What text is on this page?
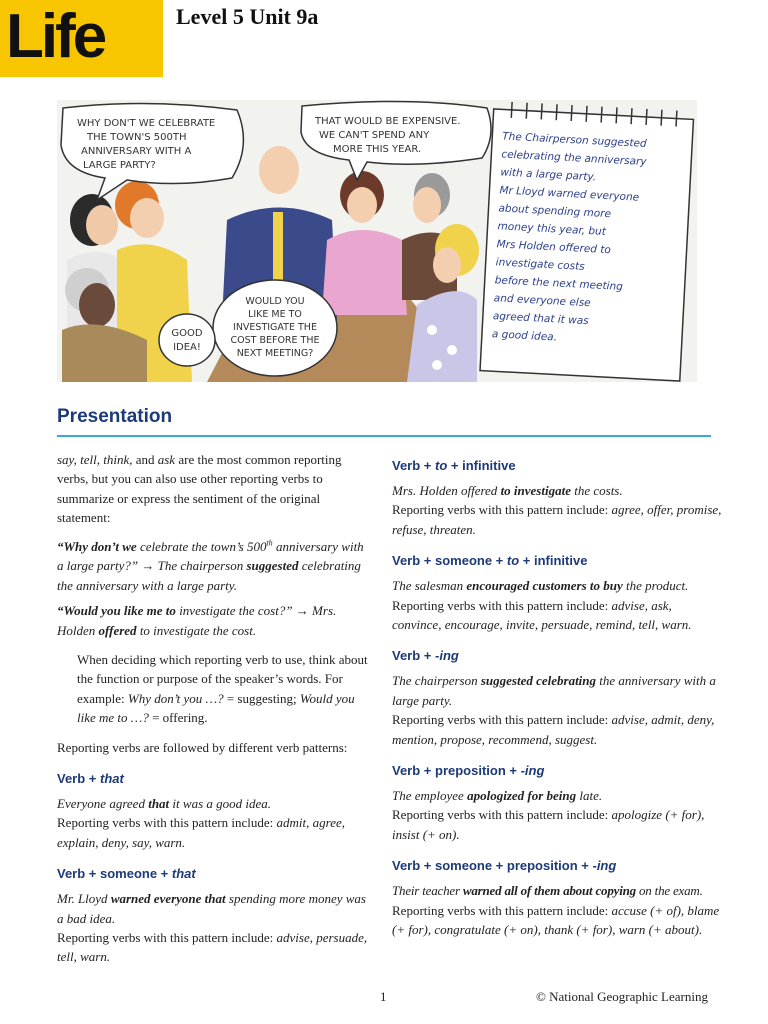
Life	Level 5 Unit 9a
WHY DON'T WE CELEBRATE
THE TOWN'S 500TH
ANNIVERSARY WITH A
LARGE PARTY?
THAT WOULD BE EXPENSIVE.
WE CAN'T SPEND ANY
MORE THIS YEAR.
WOULD YOU
LIKE ME TO
INVESTIGATE THE
COST BEFORE THE
NEXT MEETING?
GOOD
IDEA!
The Chairperson suggested
celebrating the anniversary
with a large party.
Mr Lloyd warned everyone
about spending more
money this year, but
Mrs Holden offered to
investigate costs
before the next meeting
and everyone else
agreed that it was
a good idea.
Presentation

say, tell, think, and ask are the most common reporting verbs, but you can also use other reporting verbs to summarize or express the sentiment of the original statement:

“Why don’t we celebrate the town’s 500th anniversary with a large party?” → The chairperson suggested celebrating the anniversary with a large party.

“Would you like me to investigate the cost?” → Mrs. Holden offered to investigate the cost.

When deciding which reporting verb to use, think about the function or purpose of the speaker’s words. For example: Why don’t you …? = suggesting; Would you like me to …? = offering.

Reporting verbs are followed by different verb patterns:

Verb + that

Everyone agreed that it was a good idea.

Reporting verbs with this pattern include: admit, agree, explain, deny, say, warn.

Verb + someone + that

Mr. Lloyd warned everyone that spending more money was a bad idea.

Reporting verbs with this pattern include: advise, persuade, tell, warn.

Verb + to + infinitive

Mrs. Holden offered to investigate the costs.

Reporting verbs with this pattern include: agree, offer, promise, refuse, threaten.

Verb + someone + to + infinitive

The salesman encouraged customers to buy the product.

Reporting verbs with this pattern include: advise, ask, convince, encourage, invite, persuade, remind, tell, warn.

Verb + -ing

The chairperson suggested celebrating the anniversary with a large party.

Reporting verbs with this pattern include: advise, admit, deny, mention, propose, recommend, suggest.

Verb + preposition + -ing

The employee apologized for being late.

Reporting verbs with this pattern include: apologize (+ for), insist (+ on).

Verb + someone + preposition + -ing

Their teacher warned all of them about copying on the exam.

Reporting verbs with this pattern include: accuse (+ of), blame (+ for), congratulate (+ on), thank (+ for), warn (+ about).

1	© National Geographic Learning
